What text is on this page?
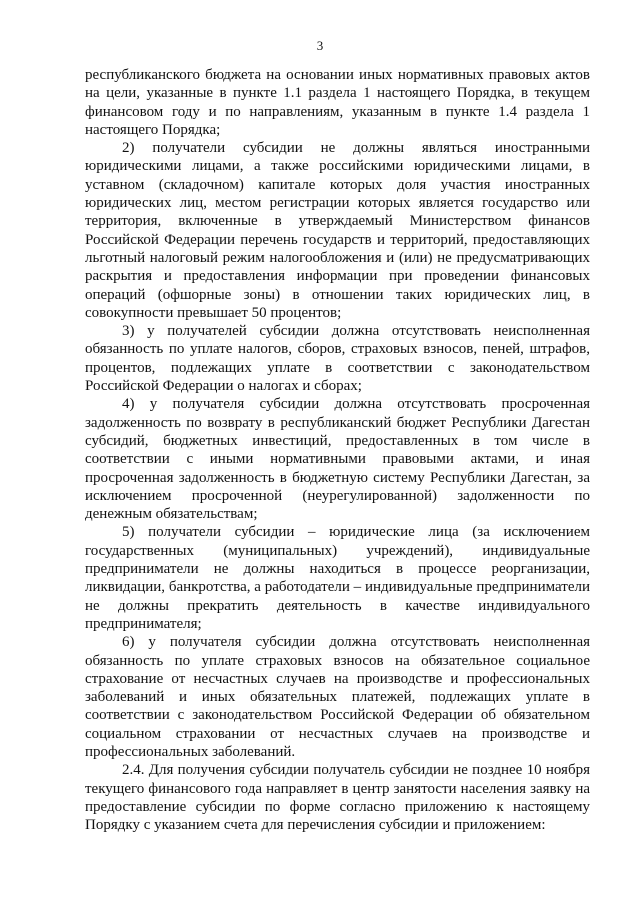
3

республиканского бюджета на основании иных нормативных правовых актов на цели, указанные в пункте 1.1 раздела 1 настоящего Порядка, в текущем финансовом году и по направлениям, указанным в пункте 1.4 раздела 1 настоящего Порядка;

2) получатели субсидии не должны являться иностранными юридическими лицами, а также российскими юридическими лицами, в уставном (складочном) капитале которых доля участия иностранных юридических лиц, местом регистрации которых является государство или территория, включенные в утверждаемый Министерством финансов Российской Федерации перечень государств и территорий, предоставляющих льготный налоговый режим налогообложения и (или) не предусматривающих раскрытия и предоставления информации при проведении финансовых операций (офшорные зоны) в отношении таких юридических лиц, в совокупности превышает 50 процентов;

3) у получателей субсидии должна отсутствовать неисполненная обязанность по уплате налогов, сборов, страховых взносов, пеней, штрафов, процентов, подлежащих уплате в соответствии с законодательством Российской Федерации о налогах и сборах;

4) у получателя субсидии должна отсутствовать просроченная задолженность по возврату в республиканский бюджет Республики Дагестан субсидий, бюджетных инвестиций, предоставленных в том числе в соответствии с иными нормативными правовыми актами, и иная просроченная задолженность в бюджетную систему Республики Дагестан, за исключением просроченной (неурегулированной) задолженности по денежным обязательствам;

5) получатели субсидии – юридические лица (за исключением государственных (муниципальных) учреждений), индивидуальные предприниматели не должны находиться в процессе реорганизации, ликвидации, банкротства, а работодатели – индивидуальные предприниматели не должны прекратить деятельность в качестве индивидуального предпринимателя;

6) у получателя субсидии должна отсутствовать неисполненная обязанность по уплате страховых взносов на обязательное социальное страхование от несчастных случаев на производстве и профессиональных заболеваний и иных обязательных платежей, подлежащих уплате в соответствии с законодательством Российской Федерации об обязательном социальном страховании от несчастных случаев на производстве и профессиональных заболеваний.

2.4. Для получения субсидии получатель субсидии не позднее 10 ноября текущего финансового года направляет в центр занятости населения заявку на предоставление субсидии по форме согласно приложению к настоящему Порядку с указанием счета для перечисления субсидии и приложением:
